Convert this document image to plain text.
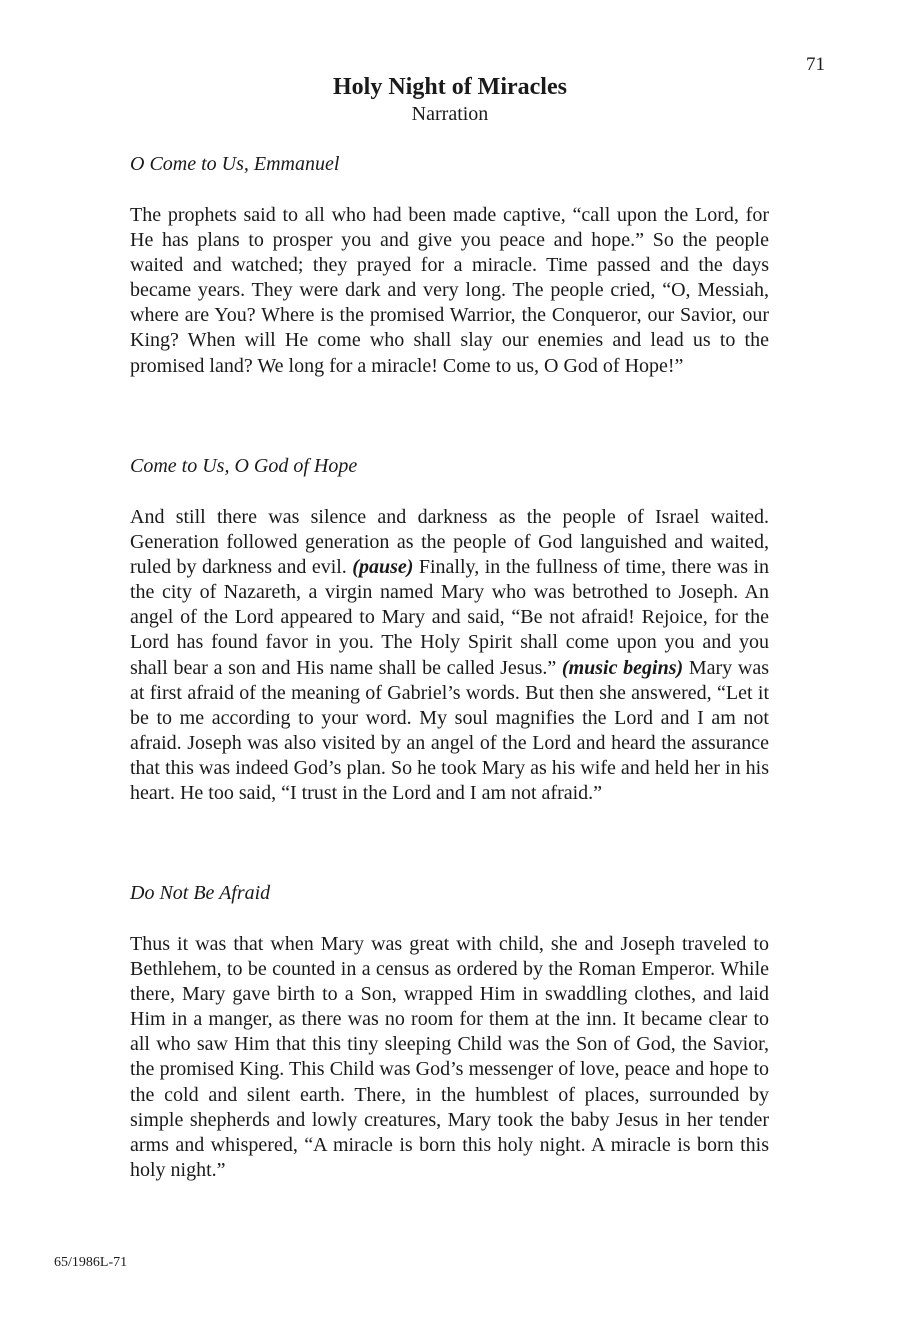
71
Holy Night of Miracles
Narration
O Come to Us, Emmanuel
The prophets said to all who had been made captive, “call upon the Lord, for He has plans to prosper you and give you peace and hope.” So the people waited and watched; they prayed for a miracle. Time passed and the days became years. They were dark and very long. The people cried, “O, Messiah, where are You? Where is the promised Warrior, the Conqueror, our Savior, our King? When will He come who shall slay our enemies and lead us to the promised land? We long for a miracle! Come to us, O God of Hope!”
Come to Us, O God of Hope
And still there was silence and darkness as the people of Israel waited. Generation followed generation as the people of God languished and waited, ruled by darkness and evil. (pause) Finally, in the fullness of time, there was in the city of Nazareth, a virgin named Mary who was betrothed to Joseph. An angel of the Lord appeared to Mary and said, “Be not afraid! Rejoice, for the Lord has found favor in you. The Holy Spirit shall come upon you and you shall bear a son and His name shall be called Jesus.” (music begins) Mary was at first afraid of the meaning of Gabriel’s words. But then she answered, “Let it be to me according to your word. My soul magnifies the Lord and I am not afraid. Joseph was also visited by an angel of the Lord and heard the assurance that this was indeed God’s plan. So he took Mary as his wife and held her in his heart. He too said, “I trust in the Lord and I am not afraid.”
Do Not Be Afraid
Thus it was that when Mary was great with child, she and Joseph traveled to Bethlehem, to be counted in a census as ordered by the Roman Emperor. While there, Mary gave birth to a Son, wrapped Him in swaddling clothes, and laid Him in a manger, as there was no room for them at the inn. It became clear to all who saw Him that this tiny sleeping Child was the Son of God, the Savior, the promised King. This Child was God’s messenger of love, peace and hope to the cold and silent earth. There, in the humblest of places, surrounded by simple shepherds and lowly creatures, Mary took the baby Jesus in her tender arms and whispered, “A miracle is born this holy night. A miracle is born this holy night.”
65/1986L-71
